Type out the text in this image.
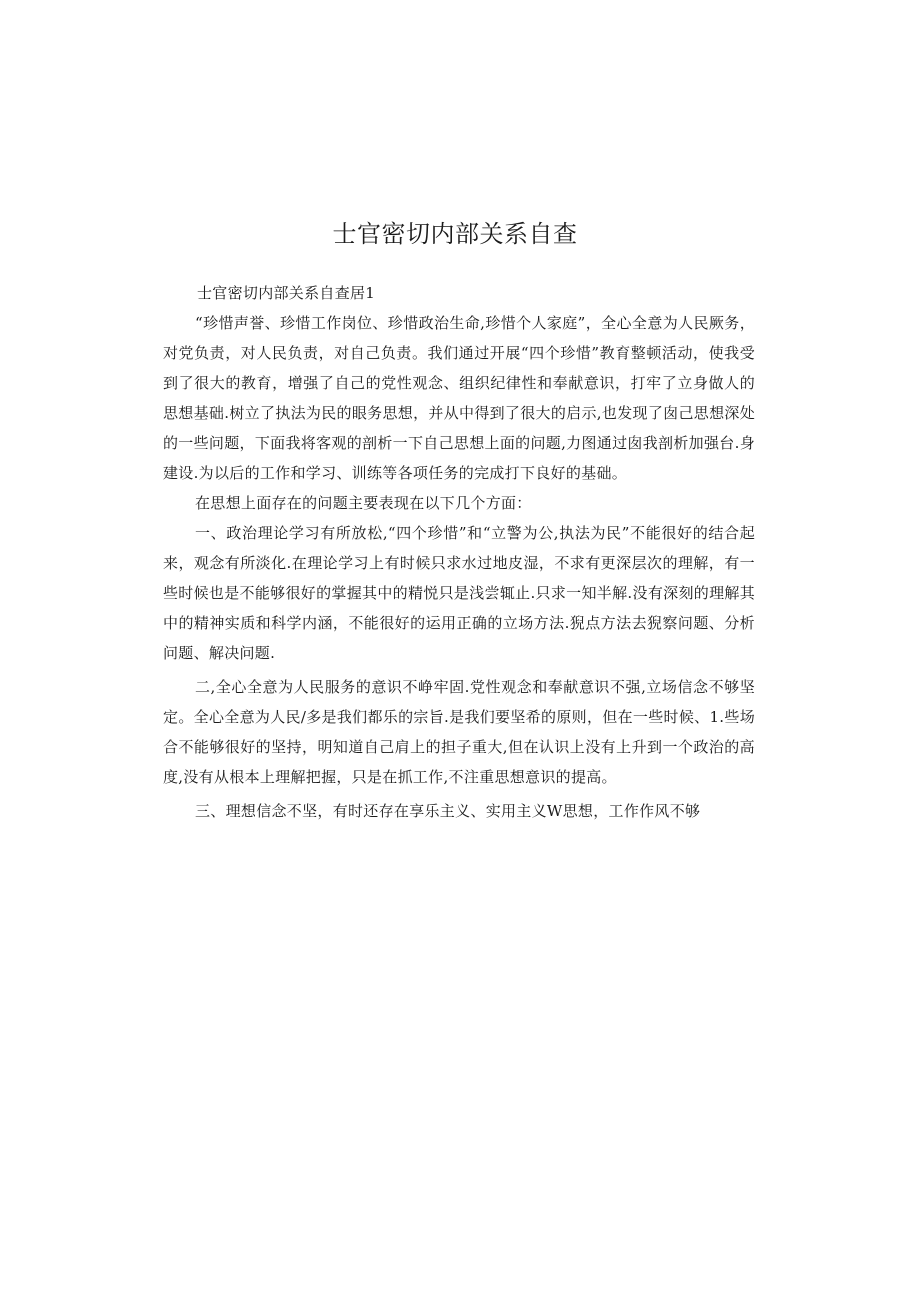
士官密切内部关系自查

士官密切内部关系自查居1

“珍惜声誉、珍惜工作岗位、珍惜政治生命,珍惜个人家庭”，全心全意为人民厥务，对党负责，对人民负责，对自己负责。我们通过开展“四个珍惜”教育整顿活动，使我受到了很大的教育，增强了自己的党性观念、组织纪律性和奉献意识，打牢了立身做人的思想基础.树立了执法为民的眼务思想，并从中得到了很大的启示,也发现了囱己思想深处的一些问题，下面我将客观的剖析一下自己思想上面的问题,力图通过囱我剖析加强台.身建设.为以后的工作和学习、训练等各项任务的完成打下良好的基础。

在思想上面存在的问题主要表现在以下几个方面：

一、政治理论学习有所放松,“四个珍惜”和“立警为公,执法为民”不能很好的结合起来，观念有所淡化.在理论学习上有时候只求水过地皮湿，不求有更深层次的理解，有一些时候也是不能够很好的掌握其中的精悦只是浅尝辄止.只求一知半解.没有深刻的理解其中的精神实质和科学内涵，不能很好的运用正确的立场方法.猊点方法去猊察问题、分析问题、解决问题.

二,全心全意为人民服务的意识不峥牢固.党性观念和奉献意识不强,立场信念不够坚定。全心全意为人民/多是我们都乐的宗旨.是我们要坚希的原则，但在一些时候、1.些场合不能够很好的坚持，明知道自己肩上的担子重大,但在认识上没有上升到一个政治的高度,没有从根本上理解把握，只是在抓工作,不注重思想意识的提高。

三、理想信念不坚，有时还存在享乐主义、实用主义W思想，工作作风不够
